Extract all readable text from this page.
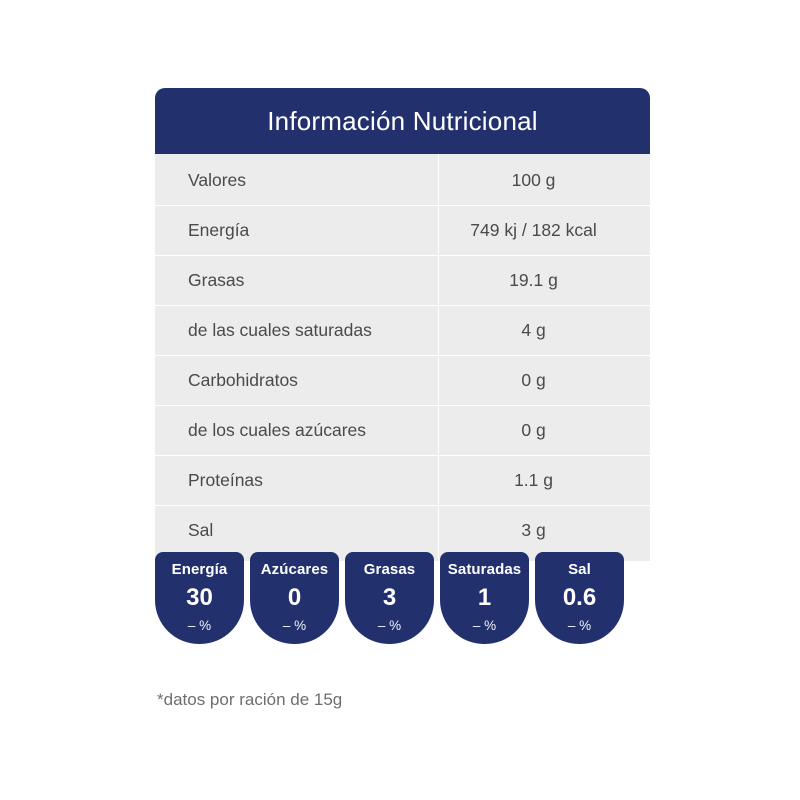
Información Nutricional
Valores	100 g
Energía	749 kj / 182 kcal
Grasas	19.1 g
de las cuales saturadas	4 g
Carbohidratos	0 g
de los cuales azúcares	0 g
Proteínas	1.1 g
Sal	3 g
Energía
30
– %
Azúcares
0
– %
Grasas
3
– %
Saturadas
1
– %
Sal
0.6
– %
*datos por ración de 15g
